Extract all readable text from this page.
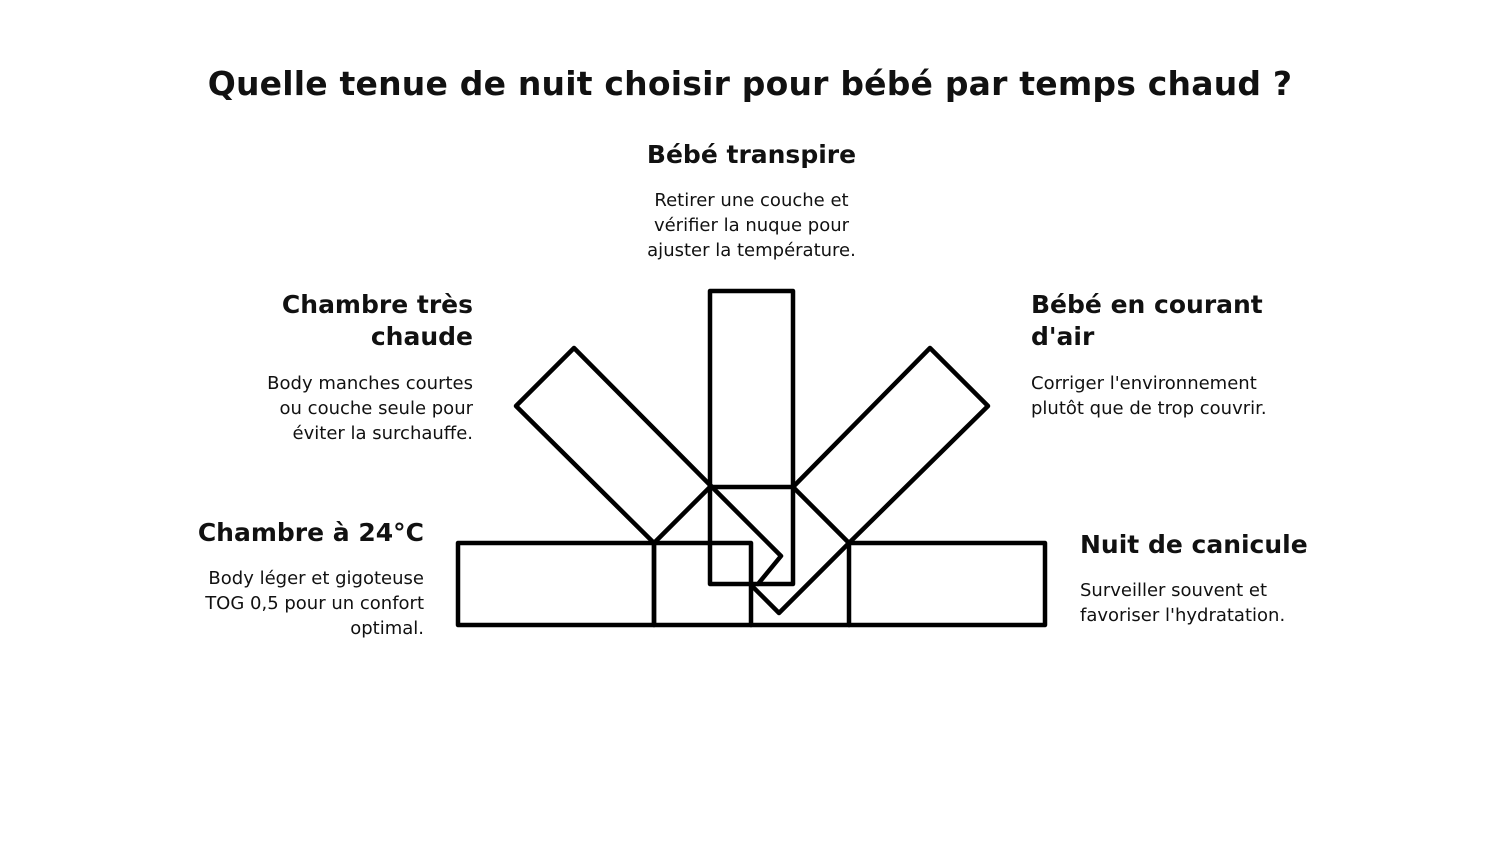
Quelle tenue de nuit choisir pour bébé par temps chaud ?
Bébé transpire
Retirer une couche et vérifier la nuque pour ajuster la température.
Chambre très chaude
Body manches courtes ou couche seule pour éviter la surchauffe.
Bébé en courant d'air
Corriger l'environnement plutôt que de trop couvrir.
Chambre à 24°C
Body léger et gigoteuse TOG 0,5 pour un confort optimal.
Nuit de canicule
Surveiller souvent et favoriser l'hydratation.
